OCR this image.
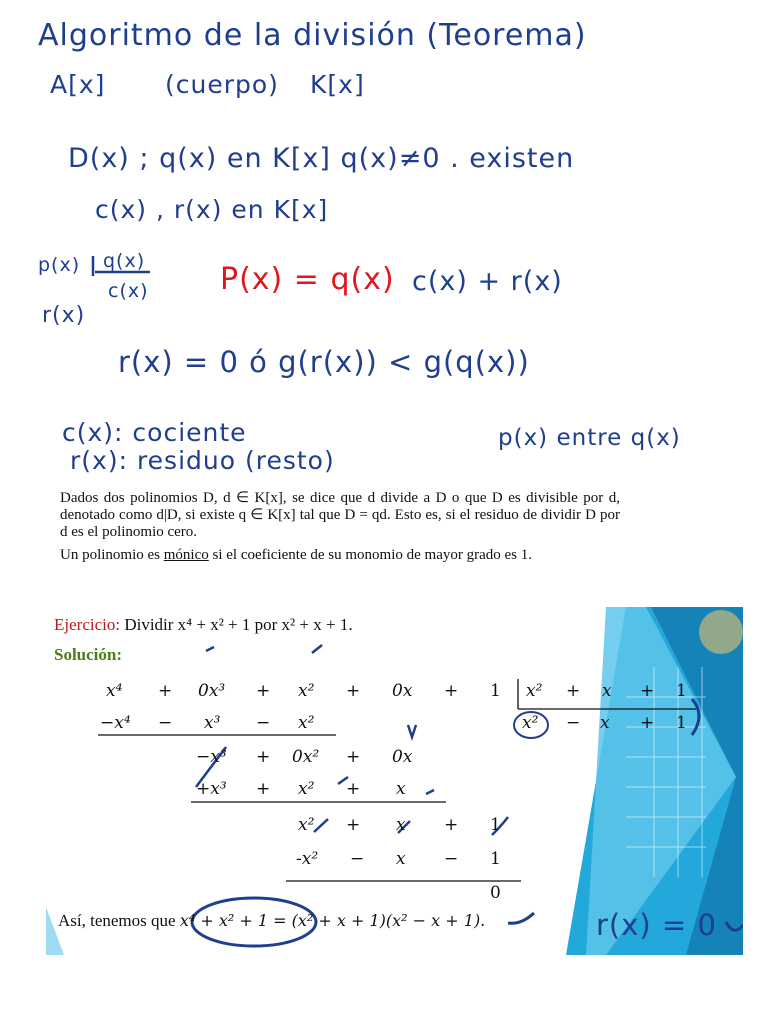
Algoritmo de la división (Teorema)
A[x] (cuerpo) K[x]
D(x) ; q(x) en K[x] q(x)≠0 . existen
c(x) , r(x) en K[x]
p(x) q(x)
c(x)
r(x)
P(x) = q(x) c(x) + r(x)
r(x) = 0 ó g(r(x)) < g(q(x))
c(x): cociente
r(x): residuo (resto)
p(x) entre q(x)

Dados dos polinomios D, d ∈ K[x], se dice que d divide a D o que D es divisible por d, denotado como d|D, si existe q ∈ K[x] tal que D = qd. Esto es, si el residuo de dividir D por d es el polinomio cero.

Un polinomio es mónico si el coeficiente de su monomio de mayor grado es 1.

Ejercicio: Dividir x⁴ + x² + 1 por x² + x + 1.
Solución:
x⁴ + 0x³ + x² + 0x + 1 x² + x + 1
−x⁴ − x³ − x²	x² − x + 1
−x³ + 0x² + 0x
+x³ + x² + x
x² + x + 1
-x² − x − 1
0
Así, tenemos que x⁴ + x² + 1 = (x² + x + 1)(x² − x + 1).	r(x) = 0
